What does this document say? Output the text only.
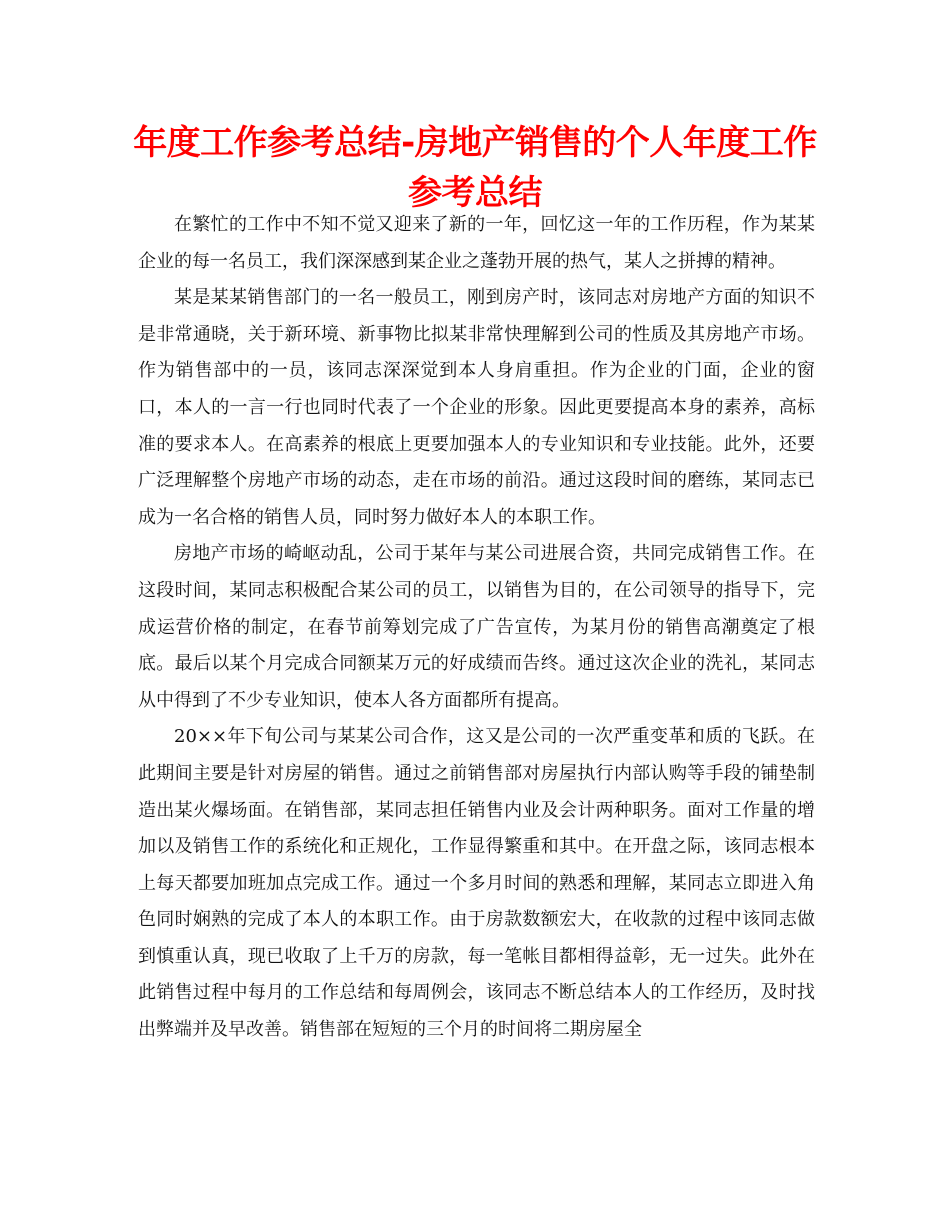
年度工作参考总结-房地产销售的个人年度工作参考总结

在繁忙的工作中不知不觉又迎来了新的一年，回忆这一年的工作历程，作为某某企业的每一名员工，我们深深感到某企业之蓬勃开展的热气，某人之拼搏的精神。

某是某某销售部门的一名一般员工，刚到房产时，该同志对房地产方面的知识不是非常通晓，关于新环境、新事物比拟某非常快理解到公司的性质及其房地产市场。作为销售部中的一员，该同志深深觉到本人身肩重担。作为企业的门面，企业的窗口，本人的一言一行也同时代表了一个企业的形象。因此更要提高本身的素养，高标准的要求本人。在高素养的根底上更要加强本人的专业知识和专业技能。此外，还要广泛理解整个房地产市场的动态，走在市场的前沿。通过这段时间的磨练，某同志已成为一名合格的销售人员，同时努力做好本人的本职工作。

房地产市场的崎岖动乱，公司于某年与某公司进展合资，共同完成销售工作。在这段时间，某同志积极配合某公司的员工，以销售为目的，在公司领导的指导下，完成运营价格的制定，在春节前筹划完成了广告宣传，为某月份的销售高潮奠定了根底。最后以某个月完成合同额某万元的好成绩而告终。通过这次企业的洗礼，某同志从中得到了不少专业知识，使本人各方面都所有提高。

20××年下旬公司与某某公司合作，这又是公司的一次严重变革和质的飞跃。在此期间主要是针对房屋的销售。通过之前销售部对房屋执行内部认购等手段的铺垫制造出某火爆场面。在销售部，某同志担任销售内业及会计两种职务。面对工作量的增加以及销售工作的系统化和正规化，工作显得繁重和其中。在开盘之际，该同志根本上每天都要加班加点完成工作。通过一个多月时间的熟悉和理解，某同志立即进入角色同时娴熟的完成了本人的本职工作。由于房款数额宏大，在收款的过程中该同志做到慎重认真，现已收取了上千万的房款，每一笔帐目都相得益彰，无一过失。此外在此销售过程中每月的工作总结和每周例会，该同志不断总结本人的工作经历，及时找出弊端并及早改善。销售部在短短的三个月的时间将二期房屋全
